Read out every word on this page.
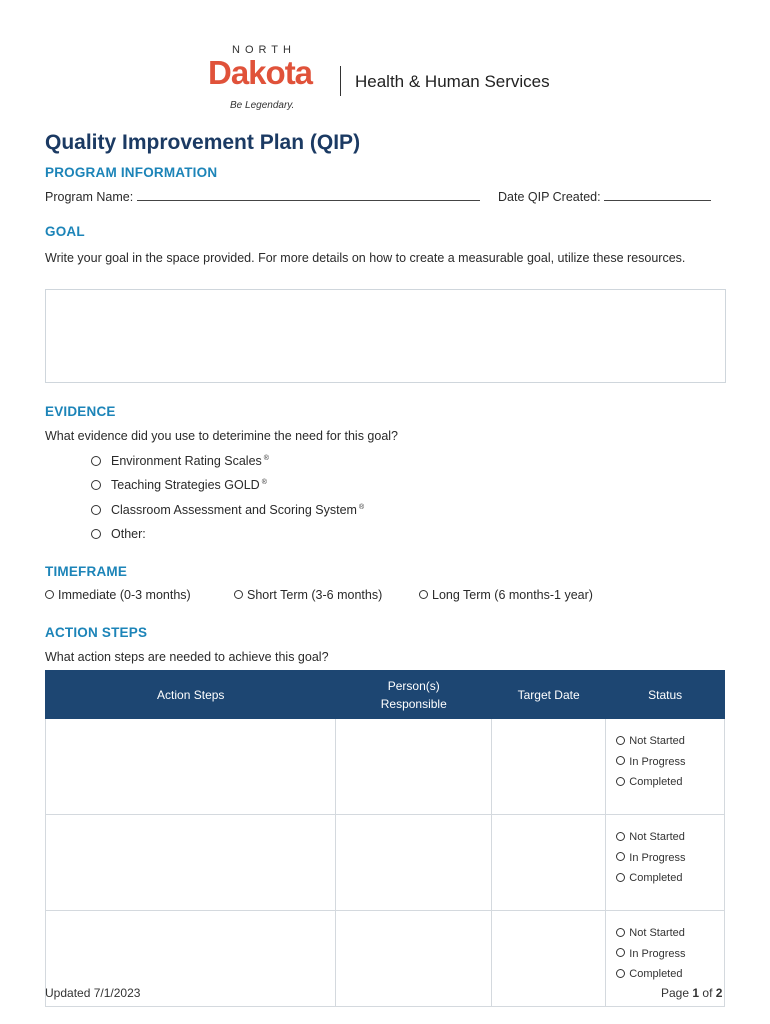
NORTH
Dakota
Be Legendary.
Health & Human Services
Quality Improvement Plan (QIP)
PROGRAM INFORMATION
Program Name:	Date QIP Created:
GOAL
Write your goal in the space provided. For more details on how to create a measurable goal, utilize these resources.
EVIDENCE
What evidence did you use to deterimine the need for this goal?
Environment Rating Scales ®
Teaching Strategies GOLD ®
Classroom Assessment and Scoring System ®
Other:
TIMEFRAME
Immediate (0-3 months)	Short Term (3-6 months)	Long Term (6 months-1 year)
ACTION STEPS
What action steps are needed to achieve this goal?
Action Steps	Person(s) Responsible	Target Date	Status

			Not Started
In Progress
Completed

			Not Started
In Progress
Completed

			Not Started
In Progress
Completed
Updated 7/1/2023	Page 1 of 2
